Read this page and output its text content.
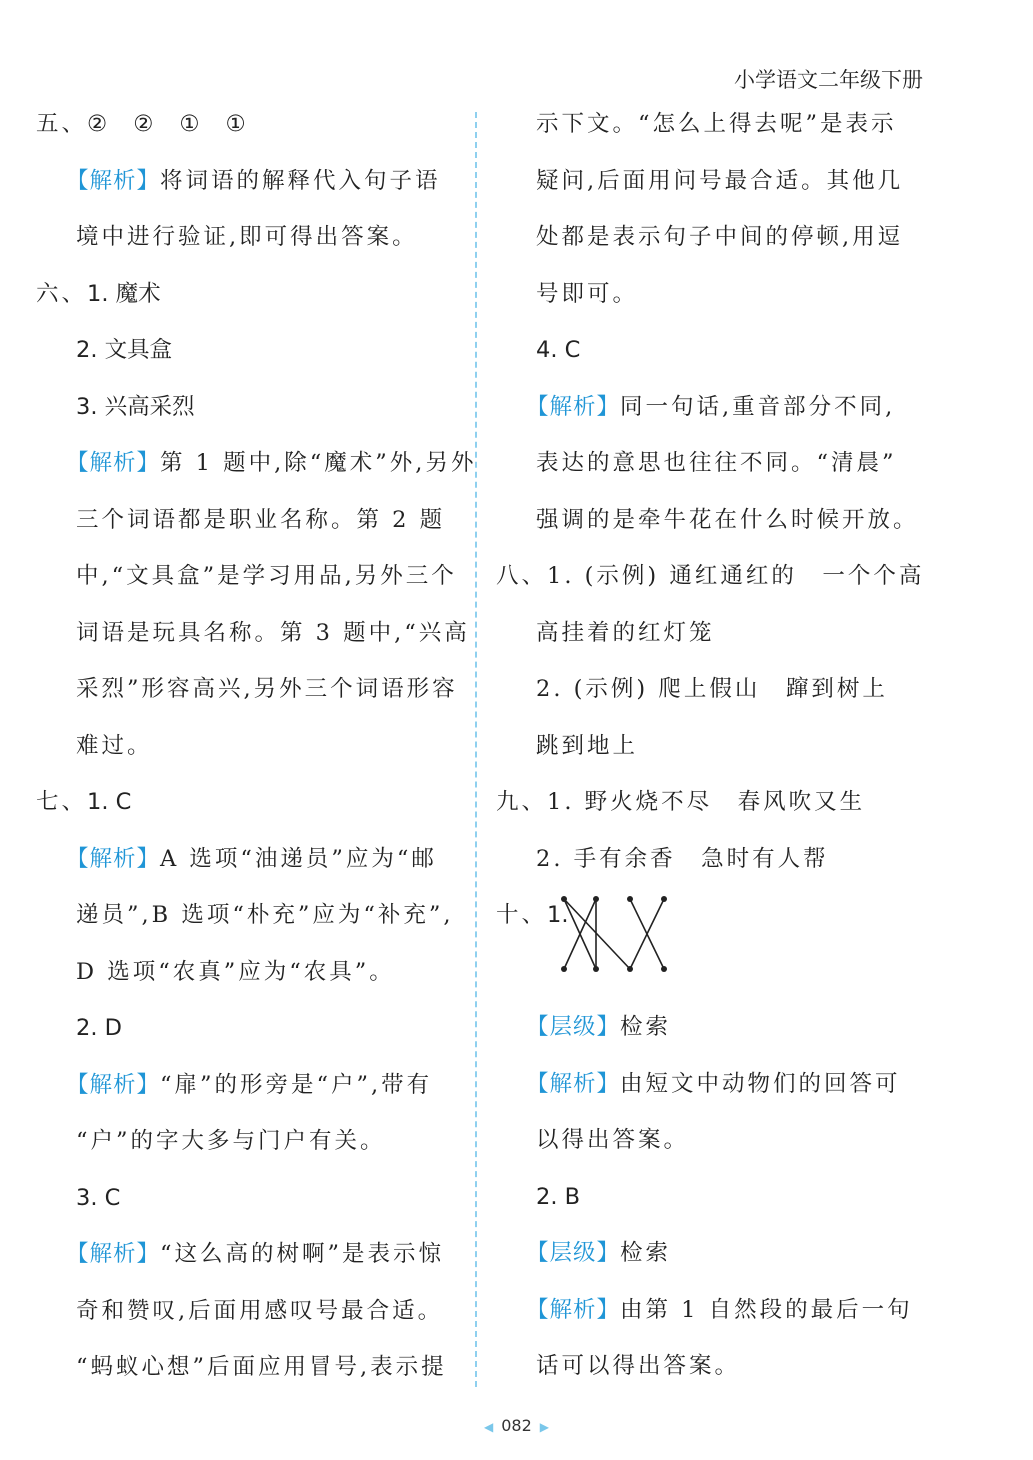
小学语文二年级下册
五、② ② ① ①
【解析】将词语的解释代入句子语
境中进行验证,即可得出答案。
六、1. 魔术
2. 文具盒
3. 兴高采烈
【解析】第 1 题中,除“魔术”外,另外
三个词语都是职业名称。第 2 题
中,“文具盒”是学习用品,另外三个
词语是玩具名称。第 3 题中,“兴高
采烈”形容高兴,另外三个词语形容
难过。
七、1. C
【解析】A 选项“油递员”应为“邮
递员”,B 选项“朴充”应为“补充”,
D 选项“农真”应为“农具”。
2. D
【解析】“扉”的形旁是“户”,带有
“户”的字大多与门户有关。
3. C
【解析】“这么高的树啊”是表示惊
奇和赞叹,后面用感叹号最合适。
“蚂蚁心想”后面应用冒号,表示提
示下文。“怎么上得去呢”是表示
疑问,后面用问号最合适。其他几
处都是表示句子中间的停顿,用逗
号即可。
4. C
【解析】同一句话,重音部分不同,
表达的意思也往往不同。“清晨”
强调的是牵牛花在什么时候开放。
八、1. (示例) 通红通红的　一个个高
高挂着的红灯笼
2. (示例) 爬上假山　蹿到树上
跳到地上
九、1. 野火烧不尽　春风吹又生
2. 手有余香　急时有人帮
十、1.
【层级】检索
【解析】由短文中动物们的回答可
以得出答案。
2. B
【层级】检索
【解析】由第 1 自然段的最后一句
话可以得出答案。
◀ 082 ▶
